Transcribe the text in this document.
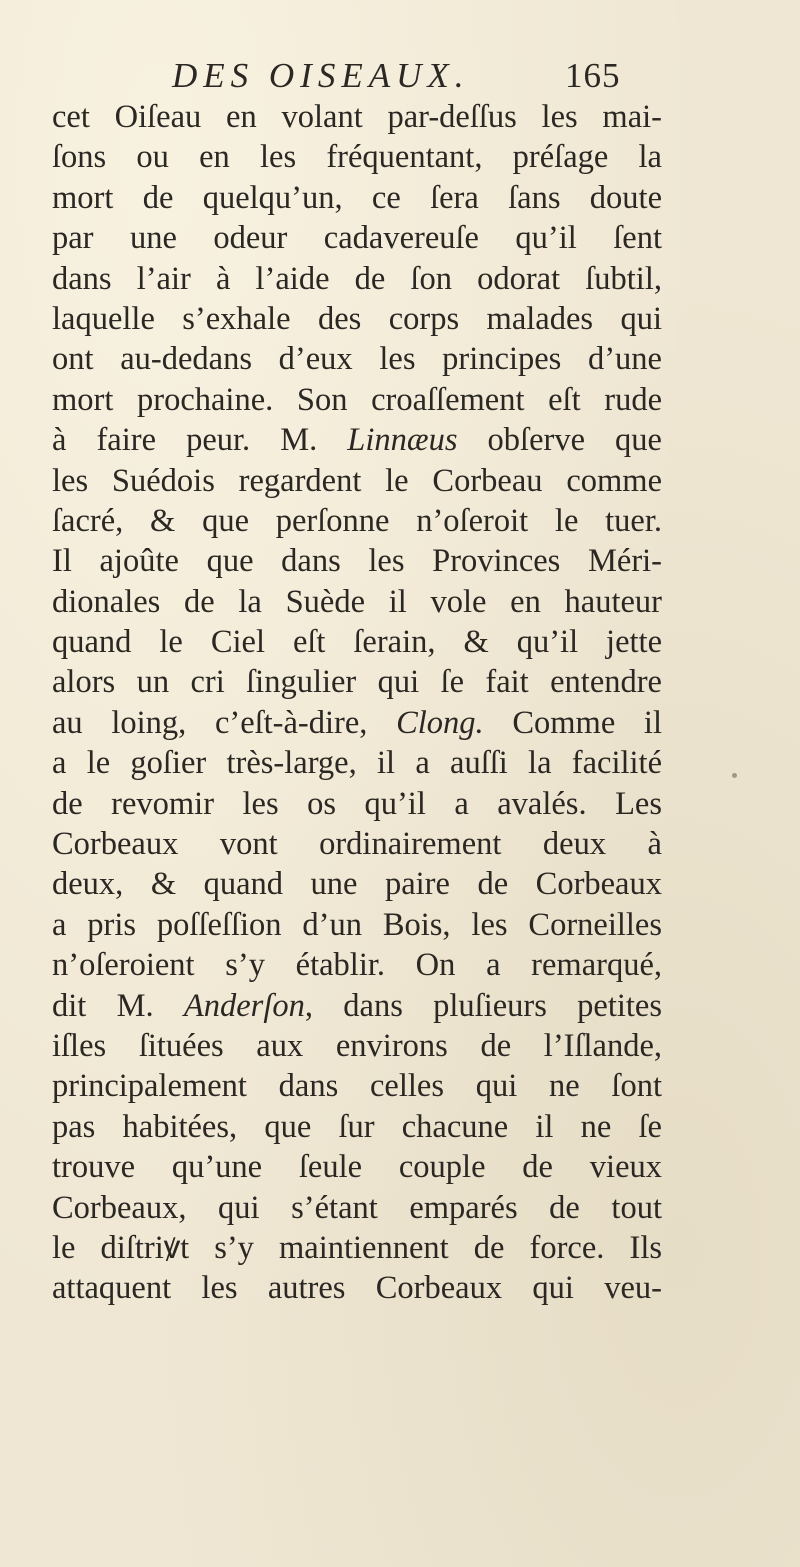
DES OISEAUX.	165
cet Oiſeau en volant par-deſſus les mai-
ſons ou en les fréquentant, préſage la
mort de quelqu’un, ce ſera ſans doute
par une odeur cadavereuſe qu’il ſent
dans l’air à l’aide de ſon odorat ſubtil,
laquelle s’exhale des corps malades qui
ont au-dedans d’eux les principes d’une
mort prochaine. Son croaſſement eſt rude
à faire peur. M. Linnæus obſerve que
les Suédois regardent le Corbeau comme
ſacré, & que perſonne n’oſeroit le tuer.
Il ajoûte que dans les Provinces Méri-
dionales de la Suède il vole en hauteur
quand le Ciel eſt ſerain, & qu’il jette
alors un cri ſingulier qui ſe fait entendre
au loing, c’eſt-à-dire, Clong. Comme il
a le goſier très-large, il a auſſi la facilité
de revomir les os qu’il a avalés. Les
Corbeaux vont ordinairement deux à
deux, & quand une paire de Corbeaux
a pris poſſeſſion d’un Bois, les Corneilles
n’oſeroient s’y établir. On a remarqué,
dit M. Anderſon, dans pluſieurs petites
iſles ſituées aux environs de l’Iſlande,
principalement dans celles qui ne ſont
pas habitées, que ſur chacune il ne ſe
trouve qu’une ſeule couple de vieux
Corbeaux, qui s’étant emparés de tout
le diſtriꝟt s’y maintiennent de force. Ils
attaquent les autres Corbeaux qui veu-
